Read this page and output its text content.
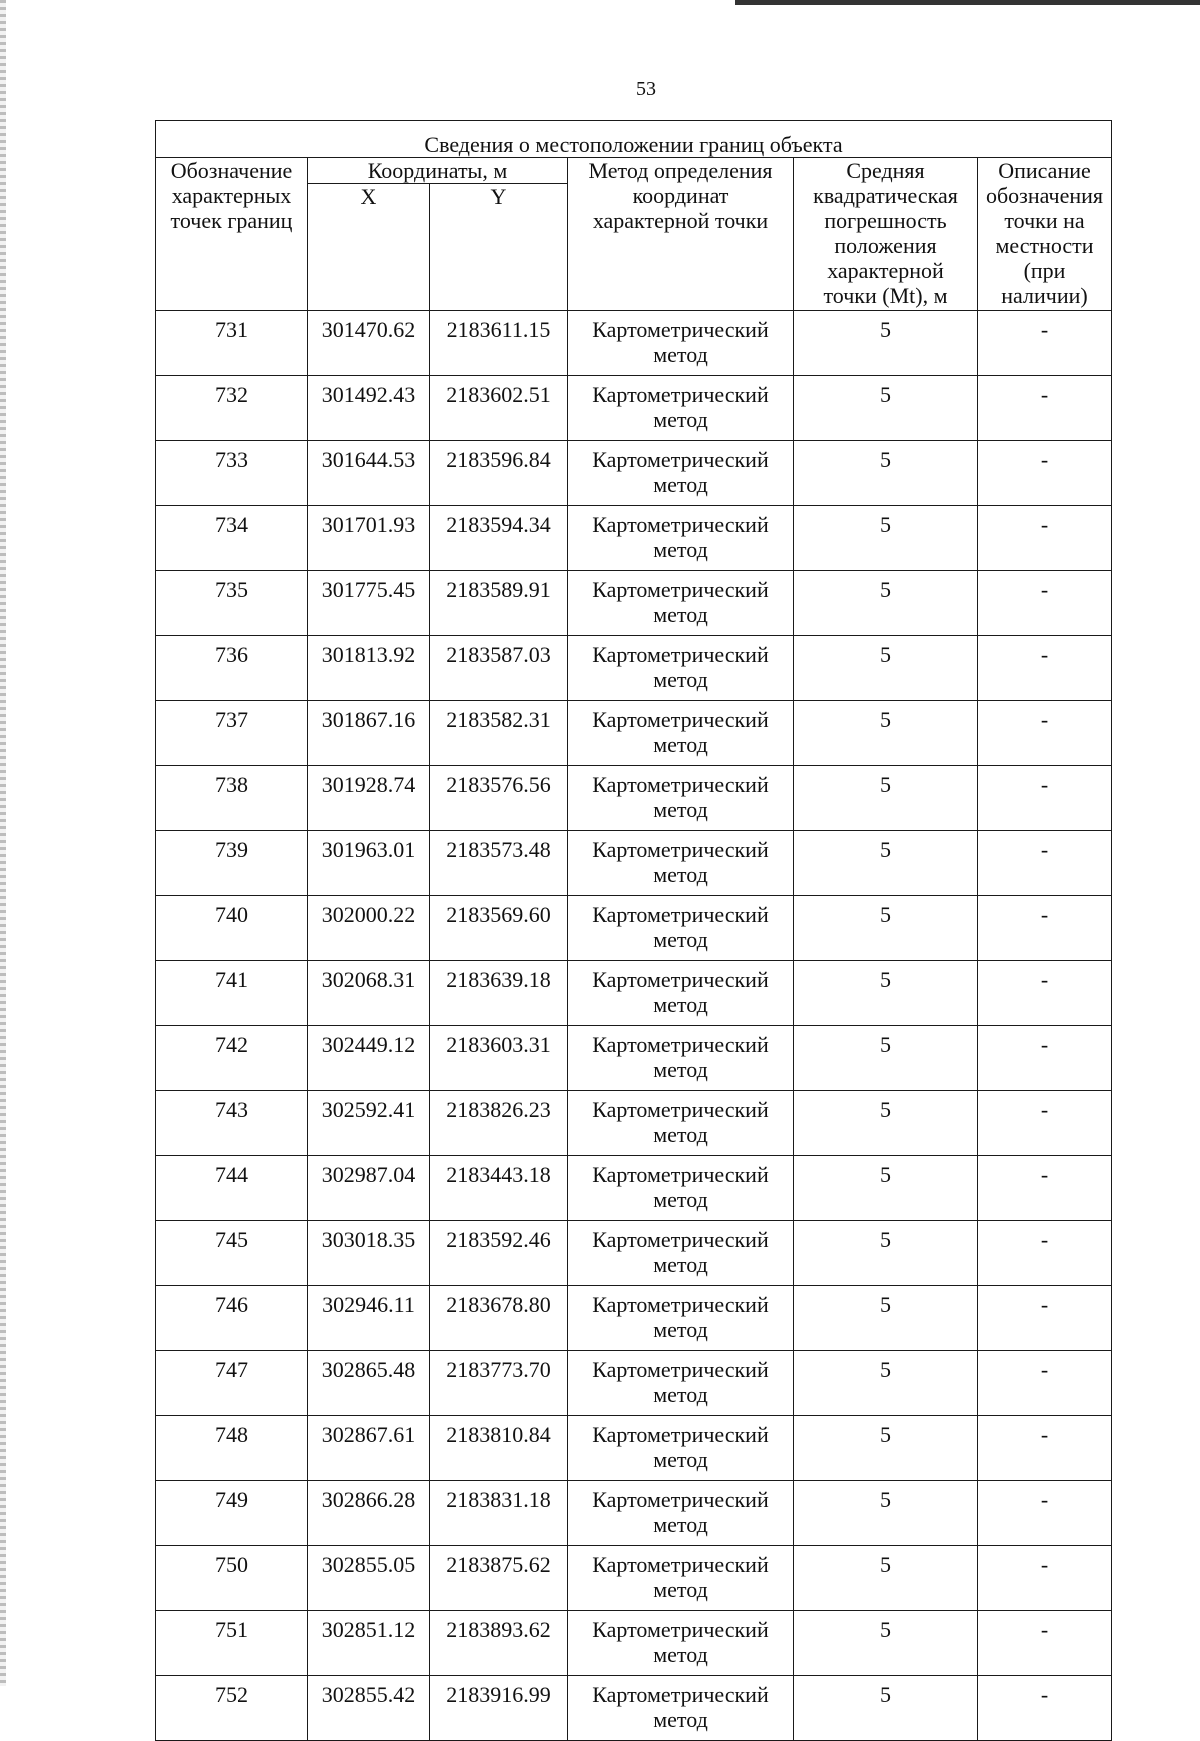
53
Сведения о местоположении границ объекта					
Обозначение характерных точек границ	Координаты, м		Метод определения координат характерной точки	Средняя квадратическая погрешность положения характерной точки (Mt), м	Описание обозначения точки на местности (при наличии)
	X	Y			
731	301470.62	2183611.15	Картометрический метод	5	-
732	301492.43	2183602.51	Картометрический метод	5	-
733	301644.53	2183596.84	Картометрический метод	5	-
734	301701.93	2183594.34	Картометрический метод	5	-
735	301775.45	2183589.91	Картометрический метод	5	-
736	301813.92	2183587.03	Картометрический метод	5	-
737	301867.16	2183582.31	Картометрический метод	5	-
738	301928.74	2183576.56	Картометрический метод	5	-
739	301963.01	2183573.48	Картометрический метод	5	-
740	302000.22	2183569.60	Картометрический метод	5	-
741	302068.31	2183639.18	Картометрический метод	5	-
742	302449.12	2183603.31	Картометрический метод	5	-
743	302592.41	2183826.23	Картометрический метод	5	-
744	302987.04	2183443.18	Картометрический метод	5	-
745	303018.35	2183592.46	Картометрический метод	5	-
746	302946.11	2183678.80	Картометрический метод	5	-
747	302865.48	2183773.70	Картометрический метод	5	-
748	302867.61	2183810.84	Картометрический метод	5	-
749	302866.28	2183831.18	Картометрический метод	5	-
750	302855.05	2183875.62	Картометрический метод	5	-
751	302851.12	2183893.62	Картометрический метод	5	-
752	302855.42	2183916.99	Картометрический метод	5	-
